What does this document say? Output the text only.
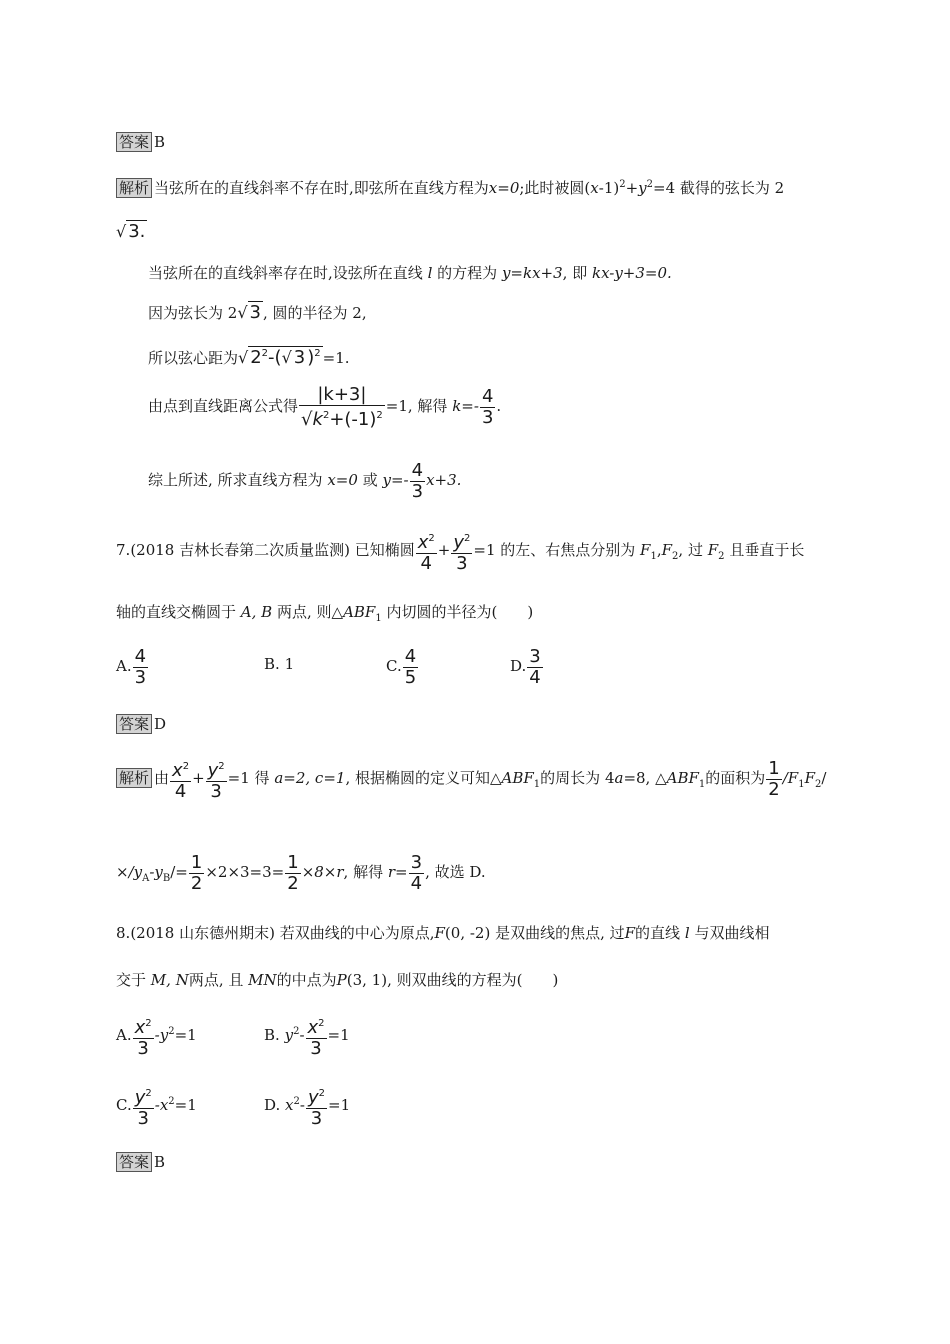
答案 B
解析 当弦所在的直线斜率不存在时,即弦所在直线方程为x=0;此时被圆$(x-1)^2+y^2=4$ 截得的弦长为 2
√ 3.
当弦所在的直线斜率存在时,设弦所在直线 l 的方程为 y=kx+3, 即 kx-y+3=0.
因为弦长为 2√ 3 , 圆的半径为 2,
所以弦心距为√ $2^2-(√$ 3 )$^2$ =1.
由点到直线距离公式得 $\frac{|k+3|}{√k^2+(-1)^2} =1$, 解得 $k=- \frac{4}{3}$ .
综上所述, 所求直线方程为 x=0 或 $y=- \frac{4}{3} x+3$.
7.(2018 吉林长春第二次质量监测) 已知椭圆 $\frac{x^2}{4} + \frac{y^2}{3} =1$ 的左、右焦点分别为 $F_1,F_2$, 过 $F_2$ 且垂直于长
轴的直线交椭圆于 A, B 两点, 则$\triangle ABF_1$ 内切圆的半径为(　　)
A. $\frac{4}{3}$	B. 1	C. $\frac{4}{5}$	D. $\frac{3}{4}$
答案 D
解析 由 $\frac{x^2}{4} + \frac{y^2}{3} =1$ 得 a=2, c=1, 根据椭圆的定义可知$\triangle ABF_1$的周长为 4a=8, $\triangle ABF_1$的面积为 $\frac{1}{2} /F_1F_2/$
$\times/y_A-y_B/= \frac{1}{2} \times 2\times 3=3= \frac{1}{2} \times 8\times r$, 解得 $r= \frac{3}{4}$ , 故选 D.
8.(2018 山东德州期末) 若双曲线的中心为原点,F(0, -2) 是双曲线的焦点, 过F的直线 l 与双曲线相
交于 M, N两点, 且 MN的中点为P(3, 1), 则双曲线的方程为(　　)
A. $\frac{x^2}{3} -y^2=1$	B. $y^2- \frac{x^2}{3} =1$
C. $\frac{y^2}{3} -x^2=1$	D. $x^2- \frac{y^2}{3} =1$
答案 B
